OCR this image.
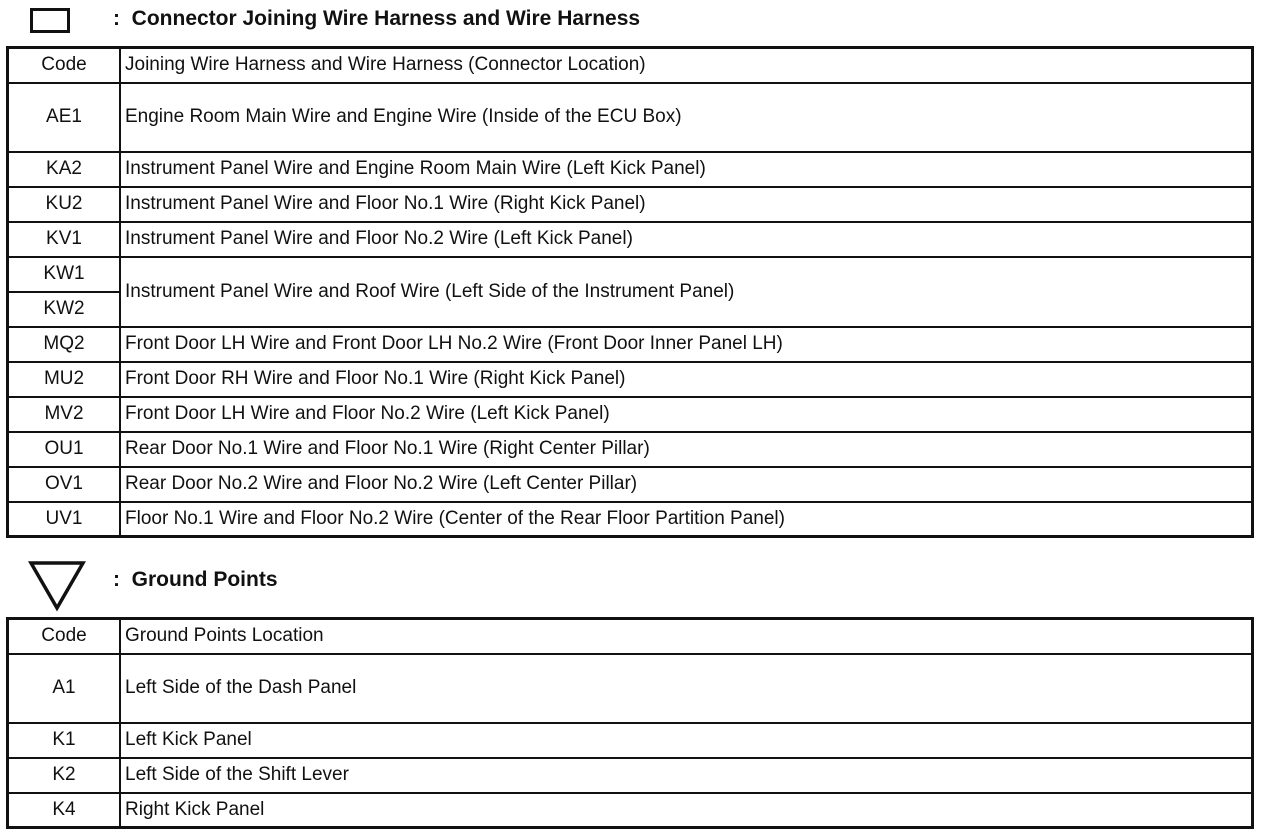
: Connector Joining Wire Harness and Wire Harness
Code	Joining Wire Harness and Wire Harness (Connector Location)
AE1	Engine Room Main Wire and Engine Wire (Inside of the ECU Box)
KA2	Instrument Panel Wire and Engine Room Main Wire (Left Kick Panel)
KU2	Instrument Panel Wire and Floor No.1 Wire (Right Kick Panel)
KV1	Instrument Panel Wire and Floor No.2 Wire (Left Kick Panel)
KW1	Instrument Panel Wire and Roof Wire (Left Side of the Instrument Panel)
KW2	
MQ2	Front Door LH Wire and Front Door LH No.2 Wire (Front Door Inner Panel LH)
MU2	Front Door RH Wire and Floor No.1 Wire (Right Kick Panel)
MV2	Front Door LH Wire and Floor No.2 Wire (Left Kick Panel)
OU1	Rear Door No.1 Wire and Floor No.1 Wire (Right Center Pillar)
OV1	Rear Door No.2 Wire and Floor No.2 Wire (Left Center Pillar)
UV1	Floor No.1 Wire and Floor No.2 Wire (Center of the Rear Floor Partition Panel)
: Ground Points
Code	Ground Points Location
A1	Left Side of the Dash Panel
K1	Left Kick Panel
K2	Left Side of the Shift Lever
K4	Right Kick Panel
